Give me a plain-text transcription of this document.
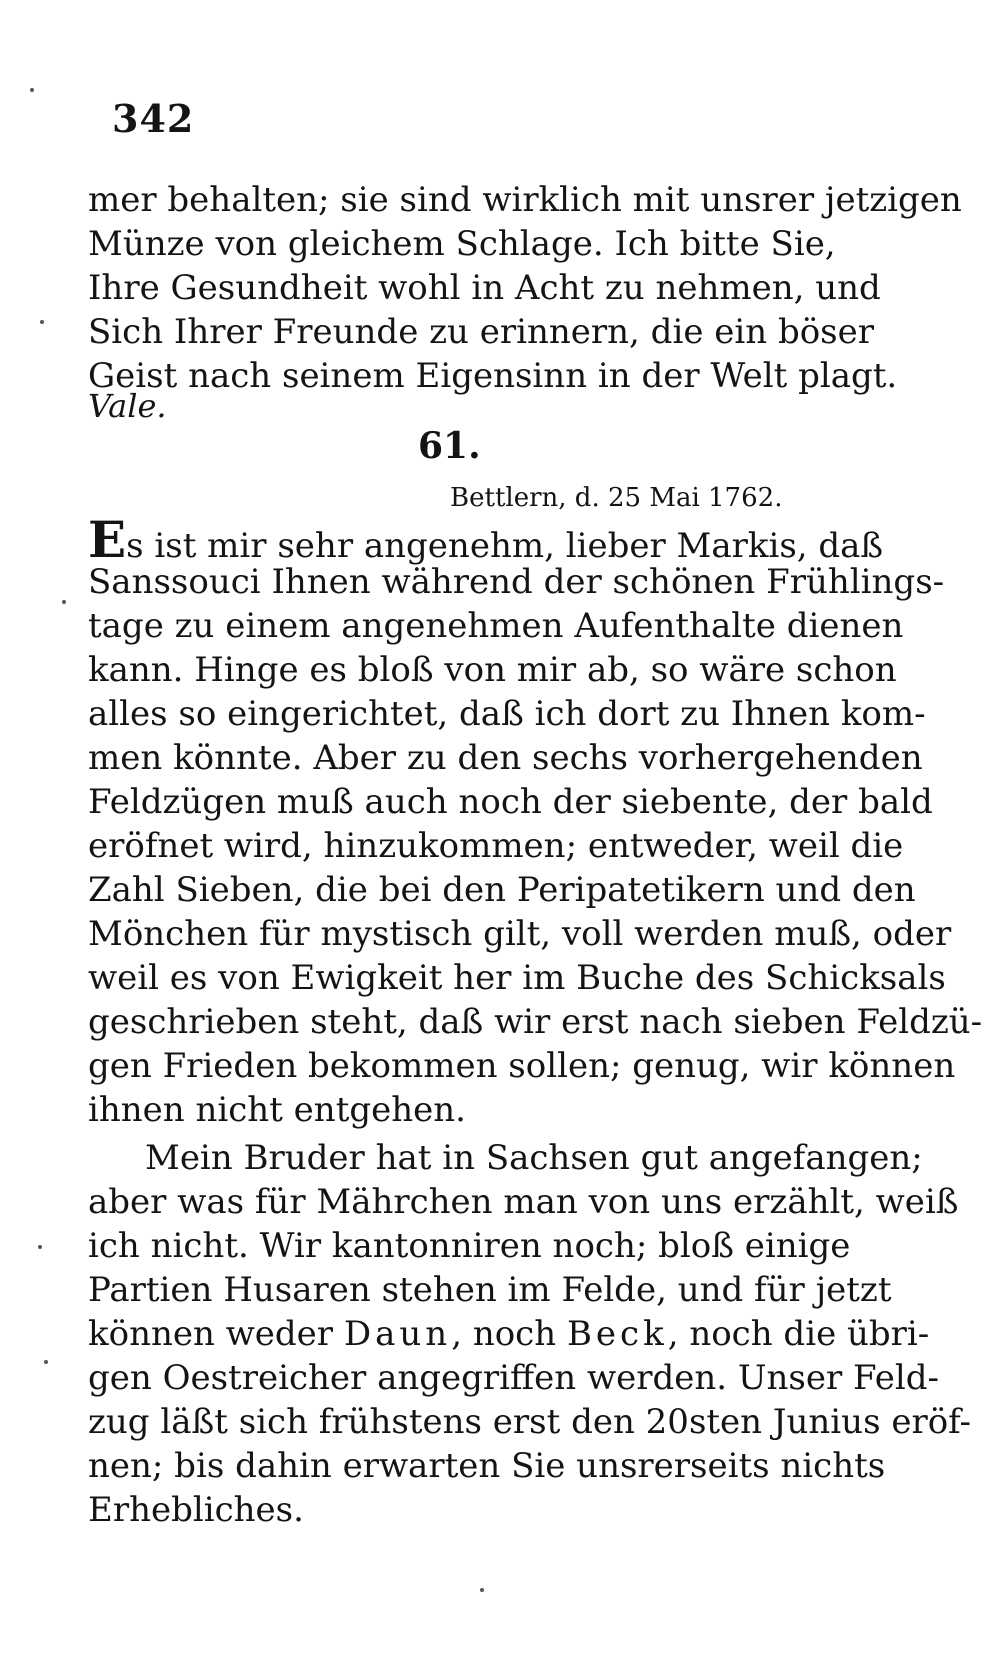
342
mer behalten; sie sind wirklich mit unsrer jetzigen
Münze von gleichem Schlage. Ich bitte Sie,
Ihre Gesundheit wohl in Acht zu nehmen, und
Sich Ihrer Freunde zu erinnern, die ein böser
Geist nach seinem Eigensinn in der Welt plagt.
Vale.
61.
Bettlern, d. 25 Mai 1762.
Es ist mir sehr angenehm, lieber Markis, daß
Sanssouci Ihnen während der schönen Frühlings-
tage zu einem angenehmen Aufenthalte dienen
kann. Hinge es bloß von mir ab, so wäre schon
alles so eingerichtet, daß ich dort zu Ihnen kom-
men könnte. Aber zu den sechs vorhergehenden
Feldzügen muß auch noch der siebente, der bald
eröfnet wird, hinzukommen; entweder, weil die
Zahl Sieben, die bei den Peripatetikern und den
Mönchen für mystisch gilt, voll werden muß, oder
weil es von Ewigkeit her im Buche des Schicksals
geschrieben steht, daß wir erst nach sieben Feldzü-
gen Frieden bekommen sollen; genug, wir können
ihnen nicht entgehen.
Mein Bruder hat in Sachsen gut angefangen;
aber was für Mährchen man von uns erzählt, weiß
ich nicht. Wir kantonniren noch; bloß einige
Partien Husaren stehen im Felde, und für jetzt
können weder Daun, noch Beck, noch die übri-
gen Oestreicher angegriffen werden. Unser Feld-
zug läßt sich frühstens erst den 20sten Junius eröf-
nen; bis dahin erwarten Sie unsrerseits nichts
Erhebliches.
